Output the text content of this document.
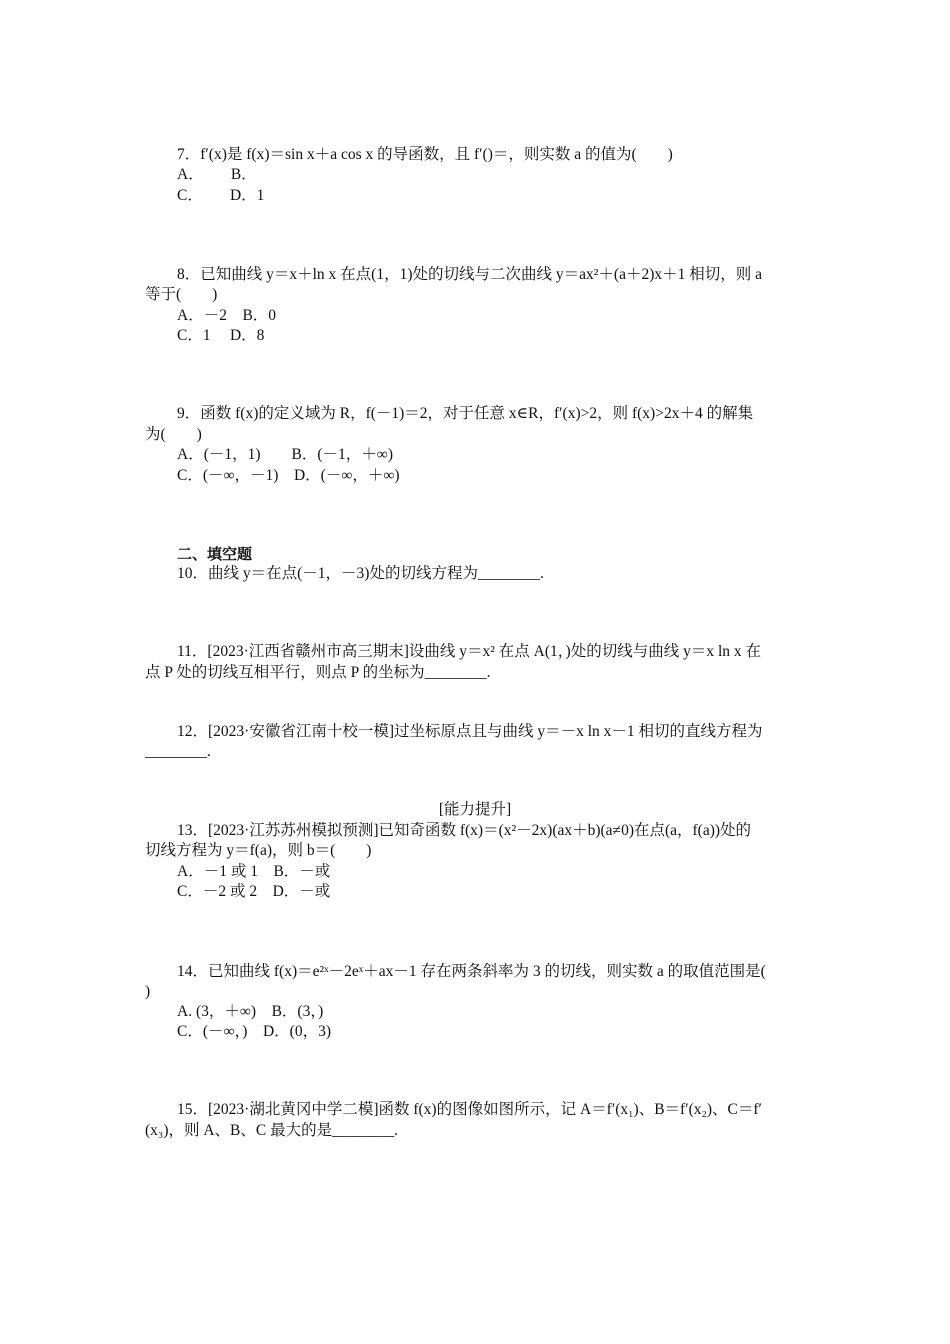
7．f′(x)是 f(x)＝sin x＋a cos x 的导函数，且 f′()＝，则实数 a 的值为(　　)
A．　　 B．
C．　　 D．1
8．已知曲线 y＝x＋ln x 在点(1，1)处的切线与二次曲线 y＝ax²＋(a＋2)x＋1 相切，则 a
等于(　　)
A．－2　B．0
C．1　 D．8
9．函数 f(x)的定义域为 R，f(－1)＝2，对于任意 x∈R，f′(x)>2，则 f(x)>2x＋4 的解集
为(　　)
A．(－1，1)　　B．(－1，＋∞)
C．(－∞，－1)　D．(－∞，＋∞)
二、填空题
10．曲线 y＝在点(－1，－3)处的切线方程为________.
11．[2023·江西省赣州市高三期末]设曲线 y＝x² 在点 A(1，)处的切线与曲线 y＝x ln x 在
点 P 处的切线互相平行，则点 P 的坐标为________.
12．[2023·安徽省江南十校一模]过坐标原点且与曲线 y＝－x ln x－1 相切的直线方程为
________.
[能力提升]
13．[2023·江苏苏州模拟预测]已知奇函数 f(x)＝(x²－2x)(ax＋b)(a≠0)在点(a，f(a))处的
切线方程为 y＝f(a)，则 b＝(　　)
A．－1 或 1　B．－或
C．－2 或 2　D．－或
14．已知曲线 f(x)＝e²ˣ－2eˣ＋ax－1 存在两条斜率为 3 的切线，则实数 a 的取值范围是(
)
A. (3，＋∞)　B．(3，)
C．(－∞，)　D．(0，3)
15．[2023·湖北黄冈中学二模]函数 f(x)的图像如图所示，记 A＝f′(x₁)、B＝f′(x₂)、C＝f′
(x₃)，则 A、B、C 最大的是________.
